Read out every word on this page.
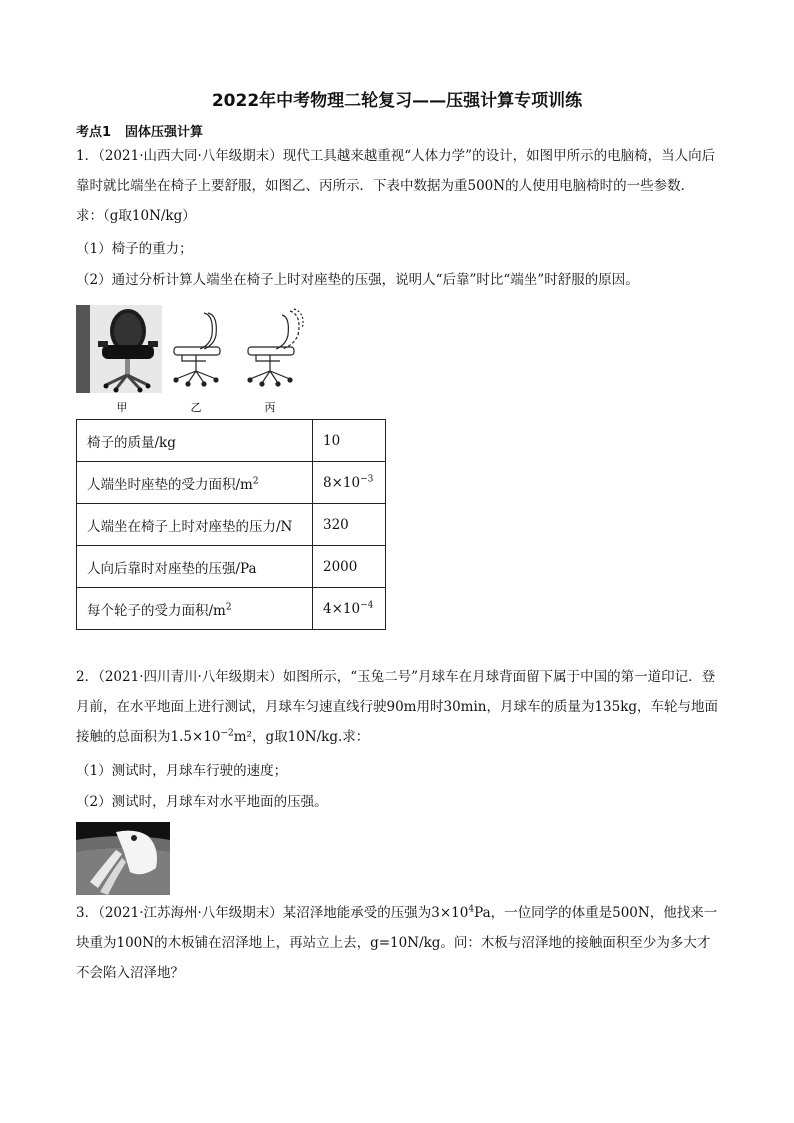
2022年中考物理二轮复习——压强计算专项训练
考点1 固体压强计算

1．（2021·山西大同·八年级期末）现代工具越来越重视“人体力学”的设计，如图甲所示的电脑椅，当人向后靠时就比端坐在椅子上要舒服，如图乙、丙所示．下表中数据为重500N的人使用电脑椅时的一些参数．求：（g取10N/kg）

（1）椅子的重力；

（2）通过分析计算人端坐在椅子上时对座垫的压强，说明人“后靠”时比“端坐”时舒服的原因。

甲	乙	丙
椅子的质量/kg	10
人端坐时座垫的受力面积$/m^2$	$8\times 10^{-3}$
人端坐在椅子上时对座垫的压力/N	320
人向后靠时对座垫的压强/Pa	2000
每个轮子的受力面积$/m^2$	$4\times 10^{-4}$

2．（2021·四川青川·八年级期末）如图所示，“玉兔二号”月球车在月球背面留下属于中国的第一道印记．登月前，在水平地面上进行测试，月球车匀速直线行驶90m用时30min，月球车的质量为135kg，车轮与地面接触的总面积为$1.5\times 10^{-2}m^2$，g取10N/kg.求：

（1）测试时，月球车行驶的速度；

（2）测试时，月球车对水平地面的压强。

3．（2021·江苏海州·八年级期末）某沼泽地能承受的压强为$3\times 10^4Pa$，一位同学的体重是500N，他找来一块重为100N的木板铺在沼泽地上，再站立上去，g=10N/kg。问：木板与沼泽地的接触面积至少为多大才不会陷入沼泽地？
